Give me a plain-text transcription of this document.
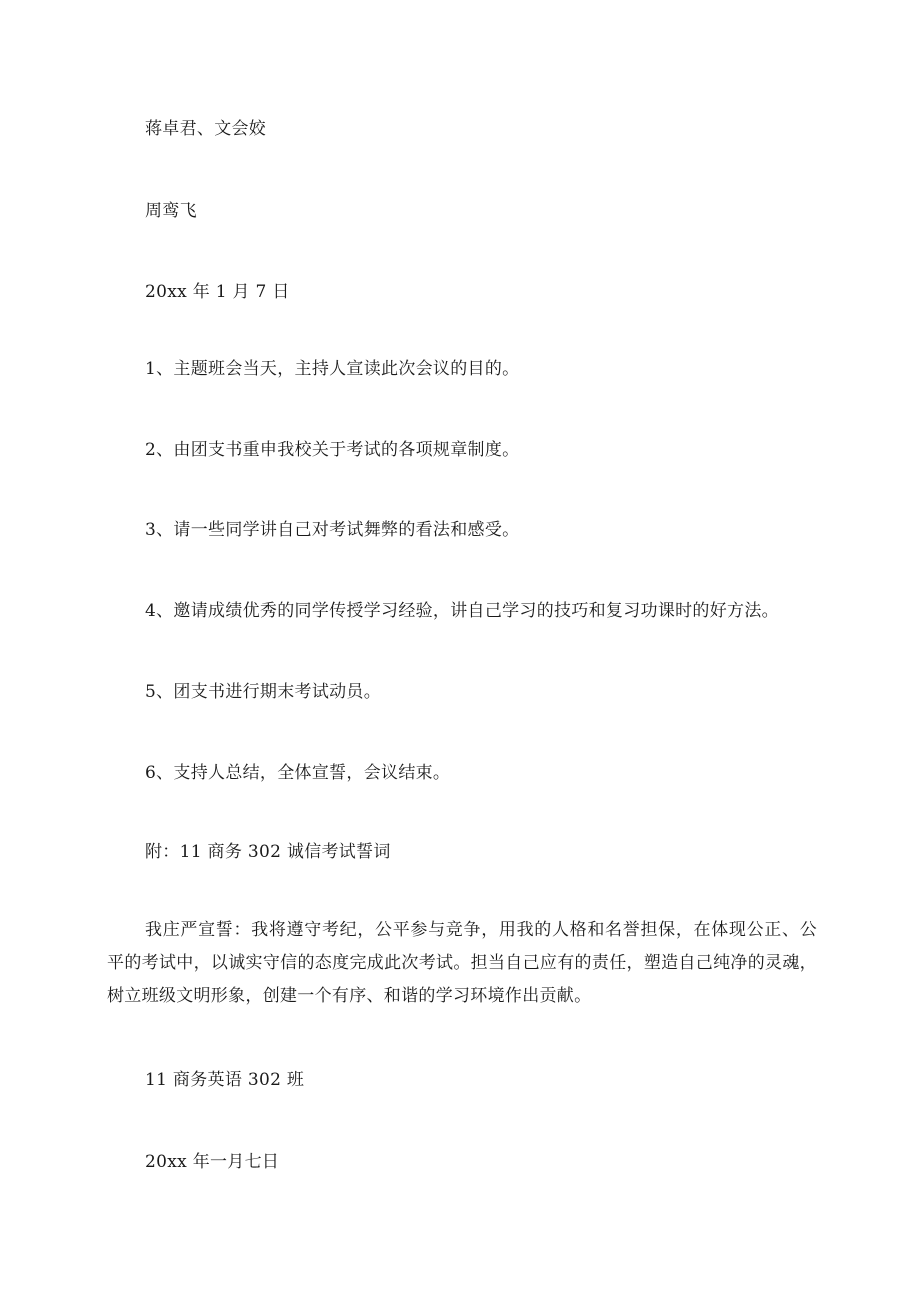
蒋卓君、文会姣
周鸾飞
20xx 年 1 月 7 日
1、主题班会当天，主持人宣读此次会议的目的。
2、由团支书重申我校关于考试的各项规章制度。
3、请一些同学讲自己对考试舞弊的看法和感受。
4、邀请成绩优秀的同学传授学习经验，讲自己学习的技巧和复习功课时的好方法。
5、团支书进行期末考试动员。
6、支持人总结，全体宣誓，会议结束。
附：11 商务 302 诚信考试誓词
我庄严宣誓：我将遵守考纪，公平参与竞争，用我的人格和名誉担保，在体现公正、公平的考试中，以诚实守信的态度完成此次考试。担当自己应有的责任，塑造自己纯净的灵魂，树立班级文明形象，创建一个有序、和谐的学习环境作出贡献。
11 商务英语 302 班
20xx 年一月七日
